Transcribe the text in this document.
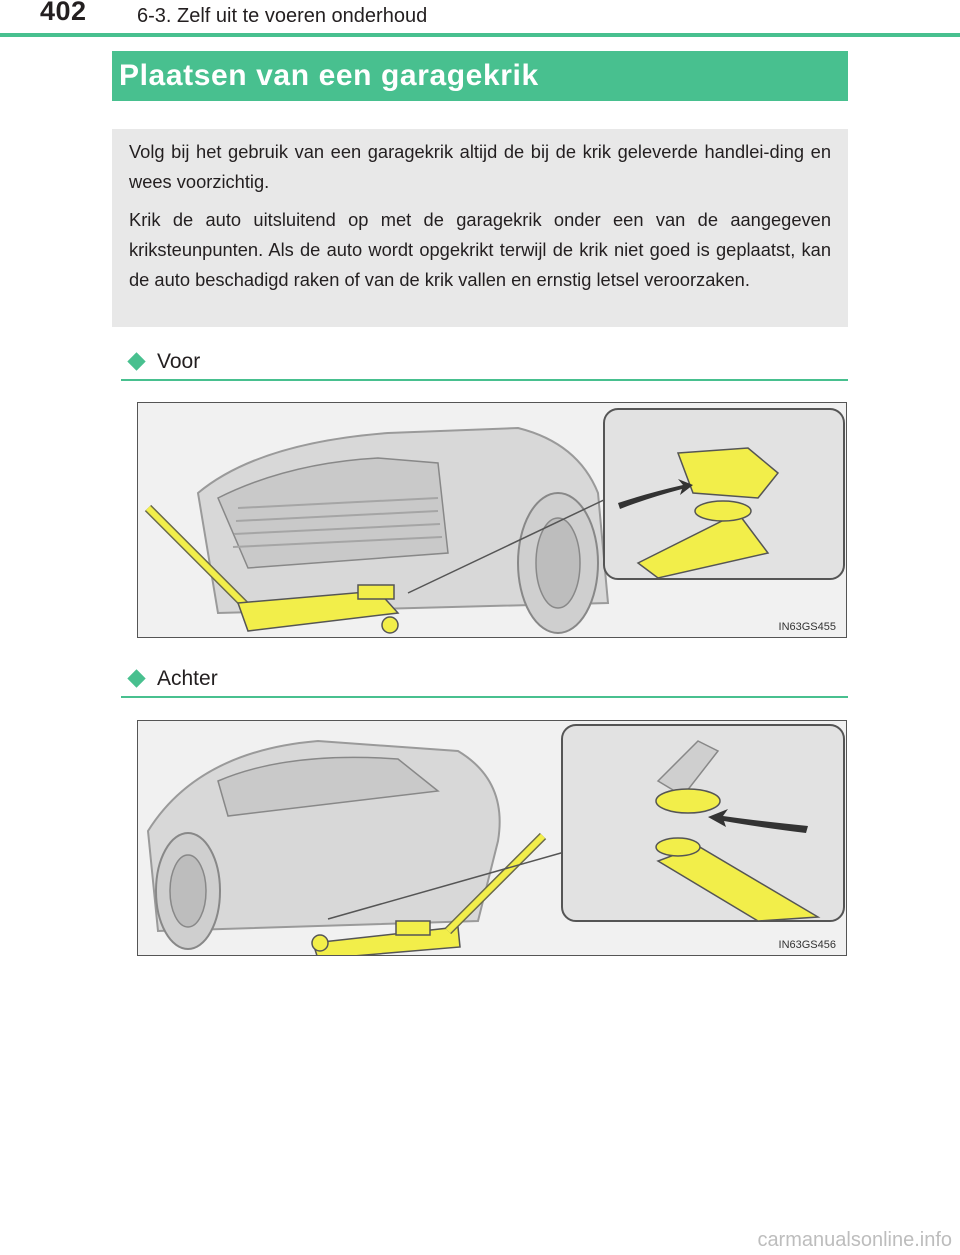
402	6-3. Zelf uit te voeren onderhoud
Plaatsen van een garagekrik

Volg bij het gebruik van een garagekrik altijd de bij de krik geleverde handlei-ding en wees voorzichtig.

Krik de auto uitsluitend op met de garagekrik onder een van de aangegeven kriksteunpunten. Als de auto wordt opgekrikt terwijl de krik niet goed is geplaatst, kan de auto beschadigd raken of van de krik vallen en ernstig letsel veroorzaken.

Voor
IN63GS455
Achter
IN63GS456
carmanualsonline.info
